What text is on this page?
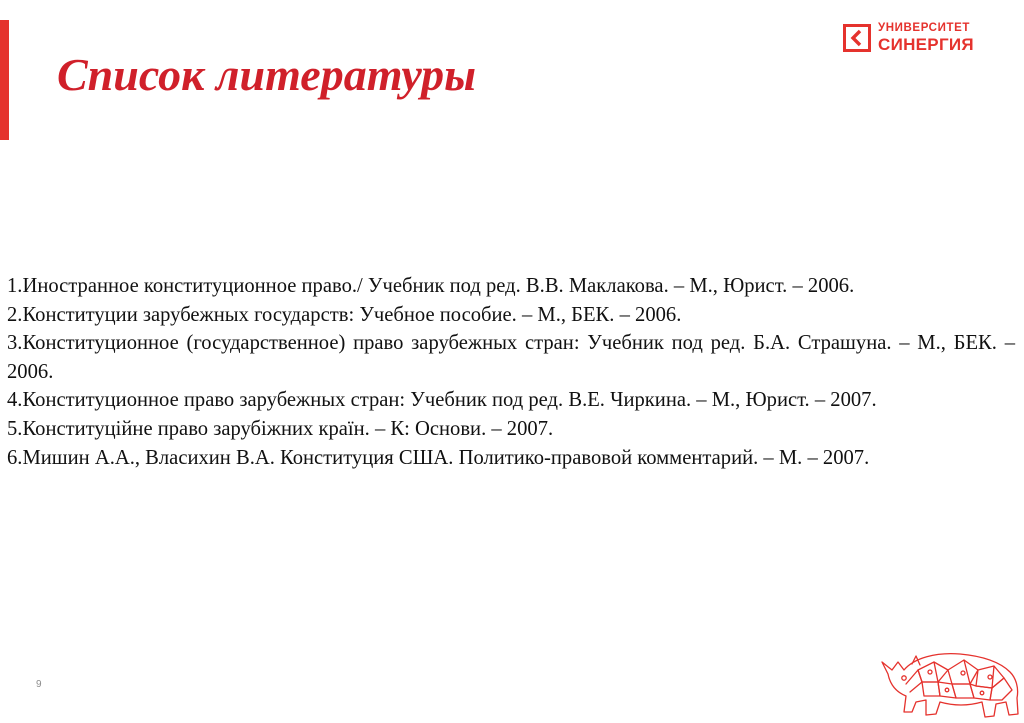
Список литературы
УНИВЕРСИТЕТ
СИНЕРГИЯ
1.Иностранное конституционное право./ Учебник под ред. В.В. Маклакова. – М., Юрист. – 2006.
2.Конституции зарубежных государств: Учебное пособие. – М., БЕК. – 2006.
3.Конституционное (государственное) право зарубежных стран: Учебник под ред. Б.А. Страшуна. – М., БЕК. – 2006.
4.Конституционное право зарубежных стран: Учебник под ред. В.Е. Чиркина. – М., Юрист. – 2007.
5.Конституційне право зарубіжних країн. – К: Основи. – 2007.
6.Мишин А.А., Власихин В.А. Конституция США. Политико-правовой комментарий. – М. – 2007.
9
